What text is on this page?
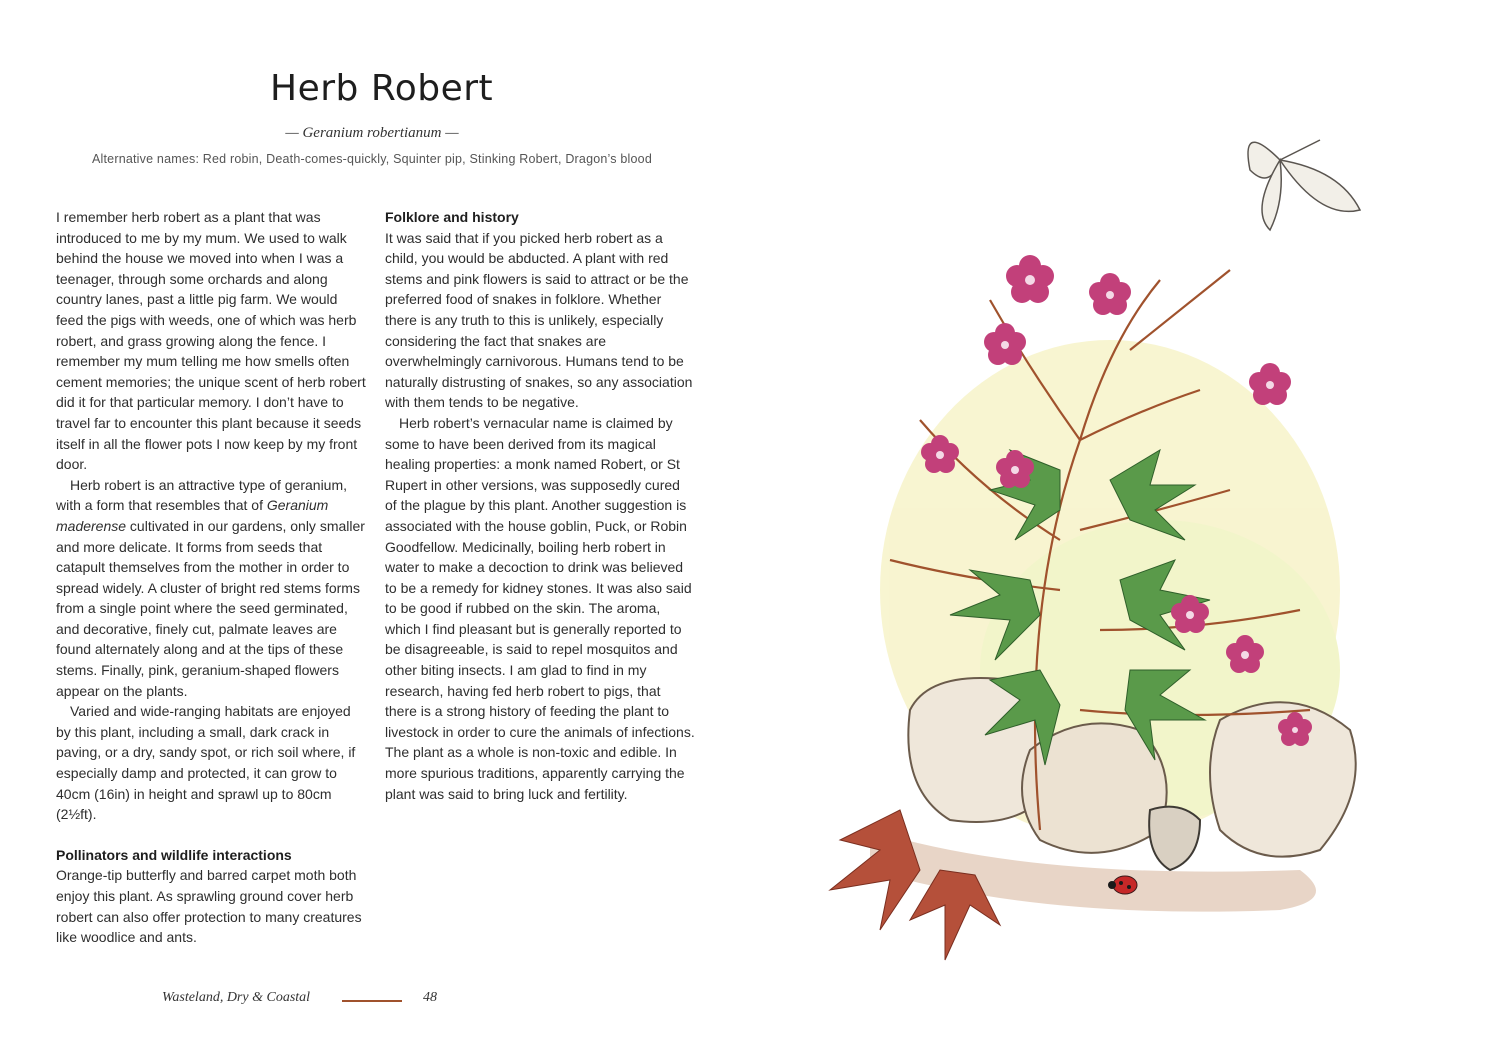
Herb Robert
— Geranium robertianum —
Alternative names: Red robin, Death-comes-quickly, Squinter pip, Stinking Robert, Dragon’s blood

I remember herb robert as a plant that was introduced to me by my mum. We used to walk behind the house we moved into when I was a teenager, through some orchards and along country lanes, past a little pig farm. We would feed the pigs with weeds, one of which was herb robert, and grass growing along the fence. I remember my mum telling me how smells often cement memories; the unique scent of herb robert did it for that particular memory. I don’t have to travel far to encounter this plant because it seeds itself in all the flower pots I now keep by my front door.

Herb robert is an attractive type of geranium, with a form that resembles that of Geranium maderense cultivated in our gardens, only smaller and more delicate. It forms from seeds that catapult themselves from the mother in order to spread widely. A cluster of bright red stems forms from a single point where the seed germinated, and decorative, finely cut, palmate leaves are found alternately along and at the tips of these stems. Finally, pink, geranium-shaped flowers appear on the plants.

Varied and wide-ranging habitats are enjoyed by this plant, including a small, dark crack in paving, or a dry, sandy spot, or rich soil where, if especially damp and protected, it can grow to 40cm (16in) in height and sprawl up to 80cm (2½ft).

Pollinators and wildlife interactions

Orange-tip butterfly and barred carpet moth both enjoy this plant. As sprawling ground cover herb robert can also offer protection to many creatures like woodlice and ants.

Folklore and history

It was said that if you picked herb robert as a child, you would be abducted. A plant with red stems and pink flowers is said to attract or be the preferred food of snakes in folklore. Whether there is any truth to this is unlikely, especially considering the fact that snakes are overwhelmingly carnivorous. Humans tend to be naturally distrusting of snakes, so any association with them tends to be negative.

Herb robert’s vernacular name is claimed by some to have been derived from its magical healing properties: a monk named Robert, or St Rupert in other versions, was supposedly cured of the plague by this plant. Another suggestion is associated with the house goblin, Puck, or Robin Goodfellow. Medicinally, boiling herb robert in water to make a decoction to drink was believed to be a remedy for kidney stones. It was also said to be good if rubbed on the skin. The aroma, which I find pleasant but is generally reported to be disagreeable, is said to repel mosquitos and other biting insects. I am glad to find in my research, having fed herb robert to pigs, that there is a strong history of feeding the plant to livestock in order to cure the animals of infections. The plant as a whole is non-toxic and edible. In more spurious traditions, apparently carrying the plant was said to bring luck and fertility.

Wasteland, Dry & Coastal	48
